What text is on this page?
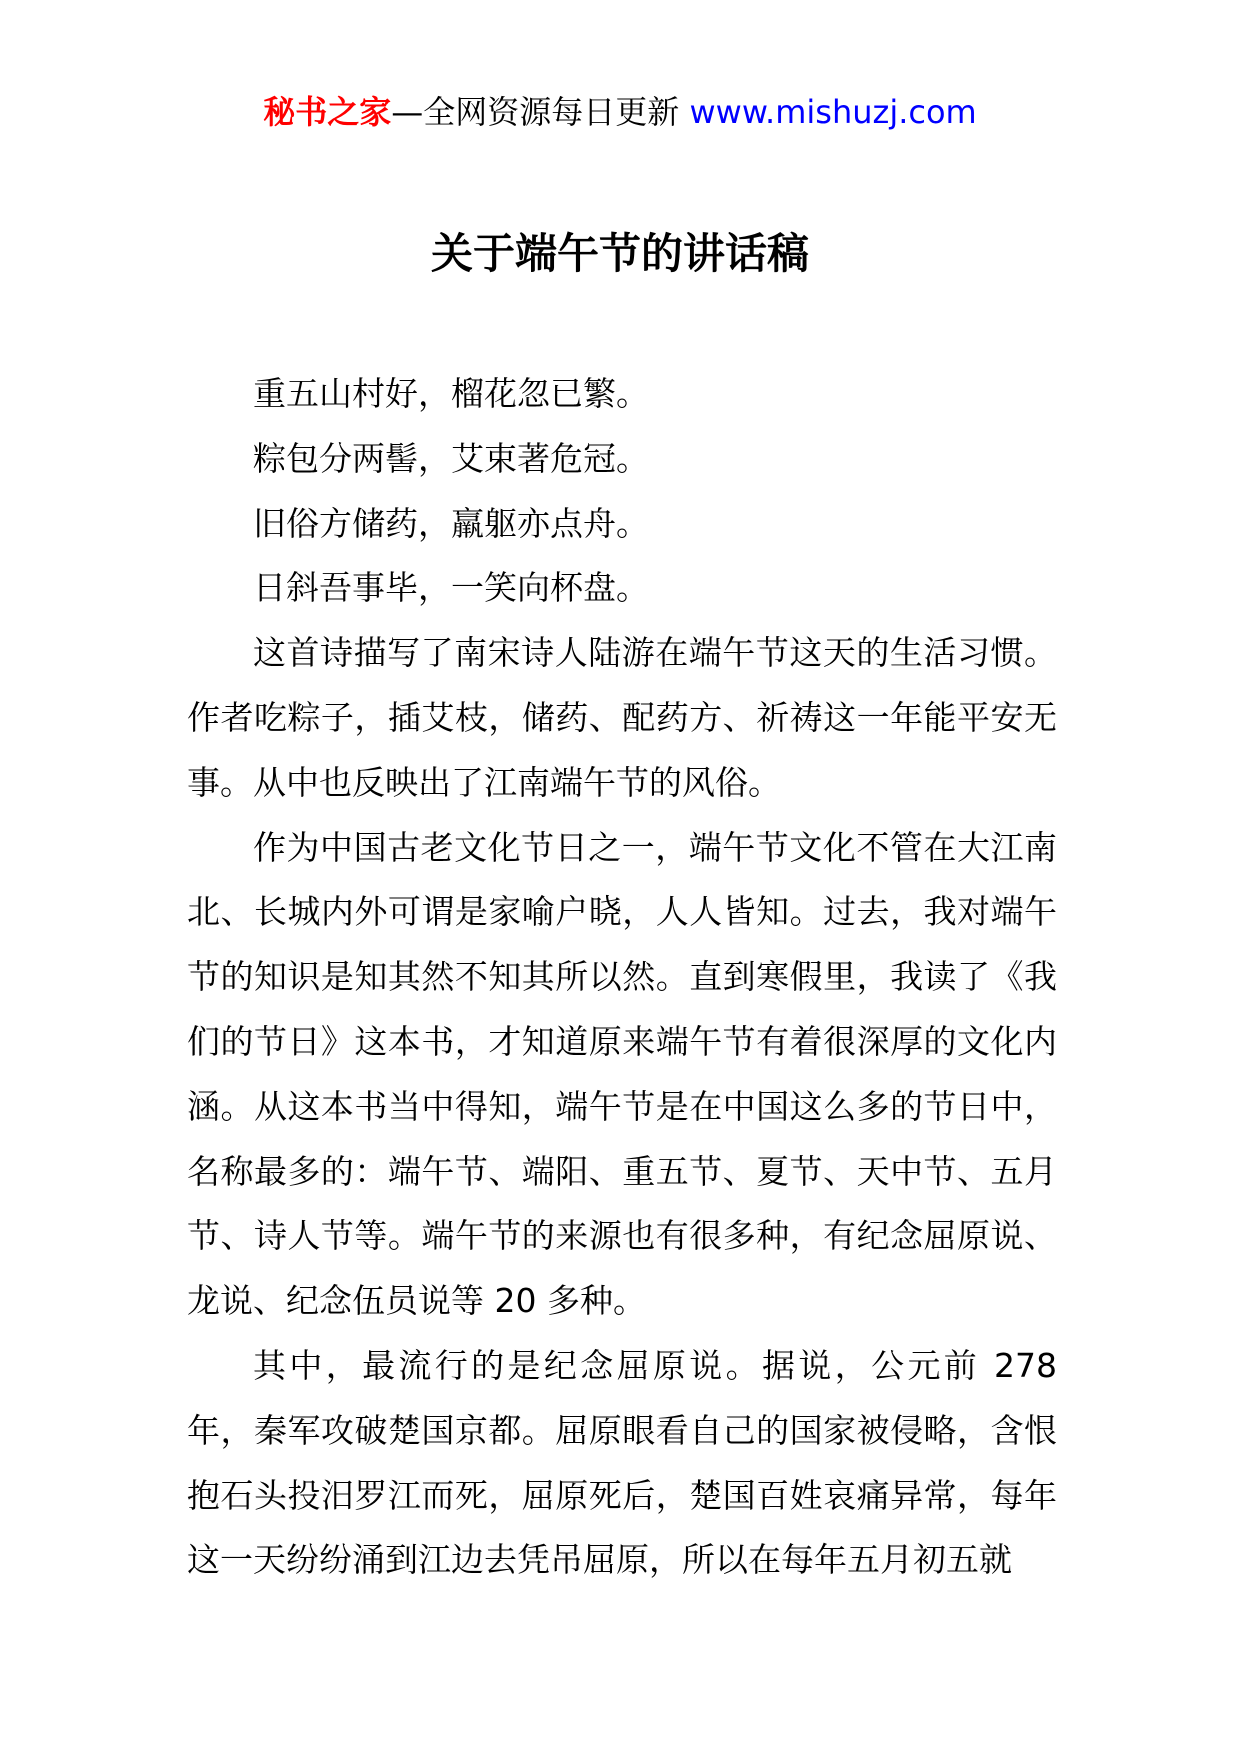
秘书之家—全网资源每日更新 www.mishuzj.com
关于端午节的讲话稿

重五山村好，榴花忽已繁。

粽包分两髻，艾束著危冠。

旧俗方储药，羸躯亦点舟。

日斜吾事毕，一笑向杯盘。

这首诗描写了南宋诗人陆游在端午节这天的生活习惯。作者吃粽子，插艾枝，储药、配药方、祈祷这一年能平安无事。从中也反映出了江南端午节的风俗。

作为中国古老文化节日之一，端午节文化不管在大江南北、长城内外可谓是家喻户晓，人人皆知。过去，我对端午节的知识是知其然不知其所以然。直到寒假里，我读了《我们的节日》这本书，才知道原来端午节有着很深厚的文化内涵。从这本书当中得知，端午节是在中国这么多的节日中，名称最多的：端午节、端阳、重五节、夏节、天中节、五月节、诗人节等。端午节的来源也有很多种，有纪念屈原说、龙说、纪念伍员说等 20 多种。

其中，最流行的是纪念屈原说。据说，公元前 278 年，秦军攻破楚国京都。屈原眼看自己的国家被侵略，含恨抱石头投汨罗江而死，屈原死后，楚国百姓哀痛异常，每年这一天纷纷涌到江边去凭吊屈原，所以在每年五月初五就
